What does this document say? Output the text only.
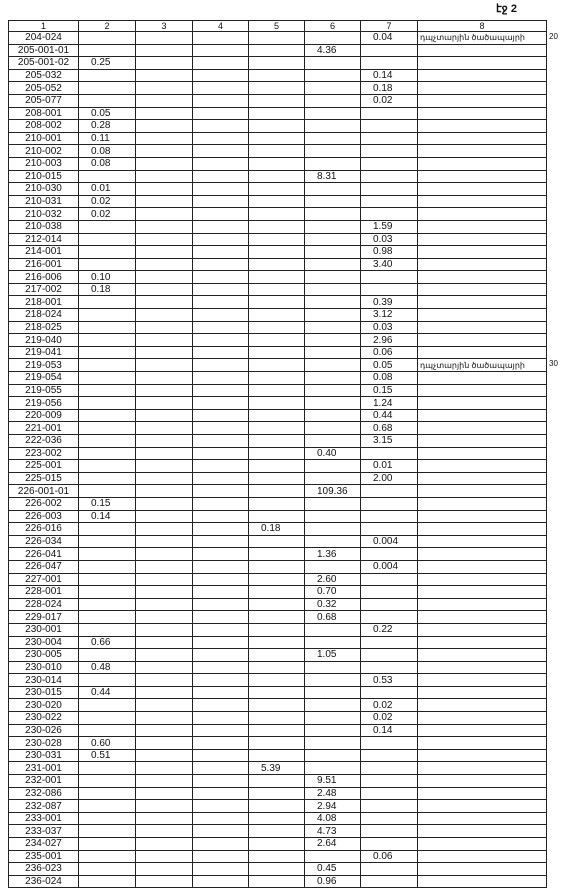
էջ 2
1	2	3	4	5	6	7	8
204-024						0.04	դպչտարյին ծածապայրի
205-001-01					4.36		
205-001-02	0.25						
205-032						0.14	
205-052						0.18	
205-077						0.02	
208-001	0.05						
208-002	0.28						
210-001	0.11						
210-002	0.08						
210-003	0.08						
210-015					8.31		
210-030	0.01						
210-031	0.02						
210-032	0.02						
210-038						1.59	
212-014						0.03	
214-001						0.98	
216-001						3.40	
216-006	0.10						
217-002	0.18						
218-001						0.39	
218-024						3.12	
218-025						0.03	
219-040						2.96	
219-041						0.06	
219-053						0.05	դպչտարյին ծածապայրի
219-054						0.08	
219-055						0.15	
219-056						1.24	
220-009						0.44	
221-001						0.68	
222-036						3.15	
223-002					0.40		
225-001						0.01	
225-015						2.00	
226-001-01					109.36		
226-002	0.15						
226-003	0.14						
226-016				0.18			
226-034						0.004	
226-041					1.36		
226-047						0.004	
227-001					2.60		
228-001					0.70		
228-024					0.32		
229-017					0.68		
230-001						0.22	
230-004	0.66						
230-005					1.05		
230-010	0.48						
230-014						0.53	
230-015	0.44						
230-020						0.02	
230-022						0.02	
230-026						0.14	
230-028	0.60						
230-031	0.51						
231-001				5.39			
232-001					9.51		
232-086					2.48		
232-087					2.94		
233-001					4.08		
233-037					4.73		
234-027					2.64		
235-001						0.06	
236-023					0.45		
236-024					0.96		
20
30
